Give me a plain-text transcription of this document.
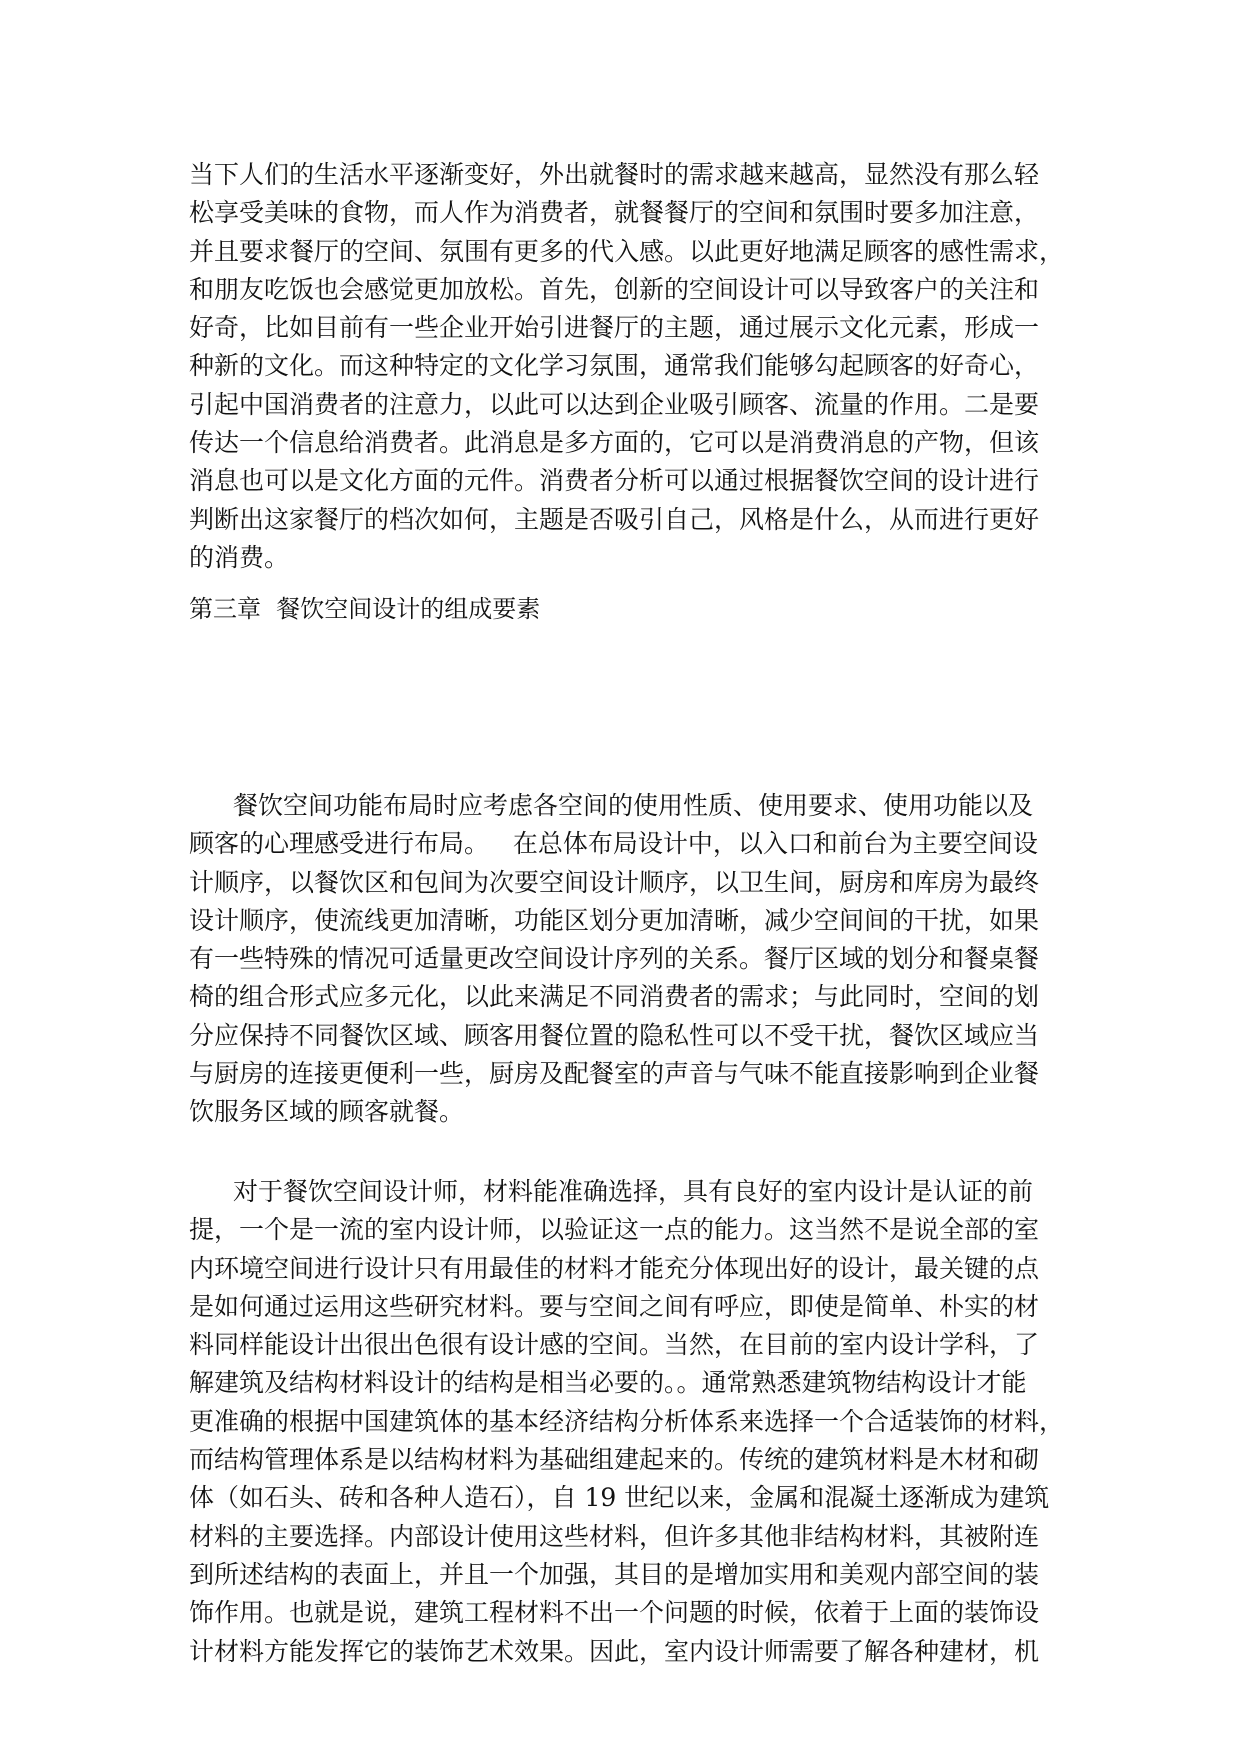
当下人们的生活水平逐渐变好，外出就餐时的需求越来越高，显然没有那么轻
松享受美味的食物，而人作为消费者，就餐餐厅的空间和氛围时要多加注意，
并且要求餐厅的空间、氛围有更多的代入感。以此更好地满足顾客的感性需求，
和朋友吃饭也会感觉更加放松。首先，创新的空间设计可以导致客户的关注和
好奇，比如目前有一些企业开始引进餐厅的主题，通过展示文化元素，形成一
种新的文化。而这种特定的文化学习氛围，通常我们能够勾起顾客的好奇心，
引起中国消费者的注意力，以此可以达到企业吸引顾客、流量的作用。二是要
传达一个信息给消费者。此消息是多方面的，它可以是消费消息的产物，但该
消息也可以是文化方面的元件。消费者分析可以通过根据餐饮空间的设计进行
判断出这家餐厅的档次如何，主题是否吸引自己，风格是什么，从而进行更好
的消费。
第三章  餐饮空间设计的组成要素
餐饮空间功能布局时应考虑各空间的使用性质、使用要求、使用功能以及
顾客的心理感受进行布局。   在总体布局设计中，以入口和前台为主要空间设
计顺序，以餐饮区和包间为次要空间设计顺序，以卫生间，厨房和库房为最终
设计顺序，使流线更加清晰，功能区划分更加清晰，减少空间间的干扰，如果
有一些特殊的情况可适量更改空间设计序列的关系。餐厅区域的划分和餐桌餐
椅的组合形式应多元化，以此来满足不同消费者的需求；与此同时，空间的划
分应保持不同餐饮区域、顾客用餐位置的隐私性可以不受干扰，餐饮区域应当
与厨房的连接更便利一些，厨房及配餐室的声音与气味不能直接影响到企业餐
饮服务区域的顾客就餐。
对于餐饮空间设计师，材料能准确选择，具有良好的室内设计是认证的前
提，一个是一流的室内设计师，以验证这一点的能力。这当然不是说全部的室
内环境空间进行设计只有用最佳的材料才能充分体现出好的设计，最关键的点
是如何通过运用这些研究材料。要与空间之间有呼应，即使是简单、朴实的材
料同样能设计出很出色很有设计感的空间。当然，在目前的室内设计学科，了
解建筑及结构材料设计的结构是相当必要的。。通常熟悉建筑物结构设计才能
更准确的根据中国建筑体的基本经济结构分析体系来选择一个合适装饰的材料，
而结构管理体系是以结构材料为基础组建起来的。传统的建筑材料是木材和砌
体（如石头、砖和各种人造石），自 19 世纪以来，金属和混凝土逐渐成为建筑
材料的主要选择。内部设计使用这些材料，但许多其他非结构材料，其被附连
到所述结构的表面上，并且一个加强，其目的是增加实用和美观内部空间的装
饰作用。也就是说，建筑工程材料不出一个问题的时候，依着于上面的装饰设
计材料方能发挥它的装饰艺术效果。因此，室内设计师需要了解各种建材，机
